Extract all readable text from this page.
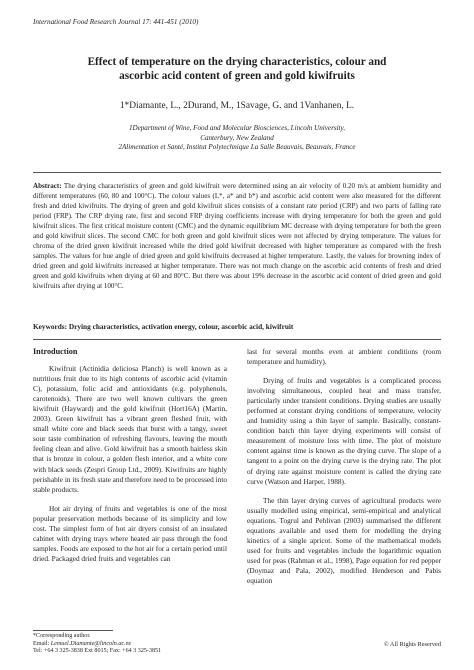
International Food Research Journal 17: 441-451 (2010)
Effect of temperature on the drying characteristics, colour and
ascorbic acid content of green and gold kiwifruits
1*Diamante, L., 2Durand, M., 1Savage, G. and 1Vanhanen, L.
1Department of Wine, Food and Molecular Biosciences, Lincoln University,
Canterbury, New Zealand
2Alimentation et Santé, Institut Polytechnique La Salle Beauvais, Beauvais, France
Abstract: The drying characteristics of green and gold kiwifruit were determined using an air velocity of 0.20 m/s at ambient humidity and different temperatures (60, 80 and 100°C). The colour values (L*, a* and b*) and ascorbic acid content were also measured for the different fresh and dried kiwifruits. The drying of green and gold kiwifruit slices consists of a constant rate period (CRP) and two parts of falling rate period (FRP). The CRP drying rate, first and second FRP drying coefficients increase with drying temperature for both the green and gold kiwifruit slices. The first critical moisture content (CMC) and the dynamic equilibrium MC decrease with drying temperature for both the green and gold kiwifruit slices. The second CMC for both green and gold kiwifruit slices were not affected by drying temperature. The values for chroma of the dried green kiwifruit increased while the dried gold kiwifruit decreased with higher temperature as compared with the fresh samples. The values for hue angle of dried green and gold kiwifruits decreased at higher temperature. Lastly, the values for browning index of dried green and gold kiwifruits increased at higher temperature. There was not much change on the ascorbic acid contents of fresh and dried green and gold kiwifruits when drying at 60 and 80°C. But there was about 19% decrease in the ascorbic acid content of dried green and gold kiwifruits after drying at 100°C.
Keywords: Drying characteristics, activation energy, colour, ascorbic acid, kiwifruit
Introduction

Kiwifruit (Actinidia deliciosa Planch) is well known as a nutritious fruit due to its high contents of ascorbic acid (vitamin C), potassium, folic acid and antioxidants (e.g. polyphenols, carotenoids). There are two well known cultivars the green kiwifruit (Hayward) and the gold kiwifruit (Hort16A) (Martin, 2003). Green kiwifruit has a vibrant green fleshed fruit, with small white core and black seeds that burst with a tangy, sweet sour taste combination of refreshing flavours, leaving the mouth feeling clean and alive. Gold kiwifruit has a smooth hairless skin that is bronze in colour, a golden flesh interior, and a white core with black seeds (Zespri Group Ltd., 2009). Kiwifruits are highly perishable in its fresh state and therefore need to be processed into stable products.

Hot air drying of fruits and vegetables is one of the most popular preservation methods because of its simplicity and low cost. The simplest form of hot air dryers consist of an insulated cabinet with drying trays where heated air pass through the food samples. Foods are exposed to the hot air for a certain period until dried. Packaged dried fruits and vegetables can

last for several months even at ambient conditions (room temperature and humidity).

Drying of fruits and vegetables is a complicated process involving simultaneous, coupled heat and mass transfer, particularly under transient conditions. Drying studies are usually performed at constant drying conditions of temperature, velocity and humidity using a thin layer of sample. Basically, constant-condition batch thin layer drying experiments will consist of measurement of moisture loss with time. The plot of moisture content against time is known as the drying curve. The slope of a tangent to a point on the drying curve is the drying rate. The plot of drying rate against moisture content is called the drying rate curve (Watson and Harper, 1988).

The thin layer drying curves of agricultural products were usually modelled using empirical, semi-empirical and analytical equations. Togrul and Pehlivan (2003) summarised the different equations available and used them for modelling the drying kinetics of a single apricot. Some of the mathematical models used for fruits and vegetables include the logarithmic equation used for peas (Rahman et al., 1998), Page equation for red pepper (Doymaz and Pala, 2002), modified Henderson and Pabis equation

*Corresponding author.
Email: Lemuel.Diamante@lincoln.ac.nz
Tel: +64 3 325-3838 Ext 8015; Fax: +64 3 325-3851
© All Rights Reserved
